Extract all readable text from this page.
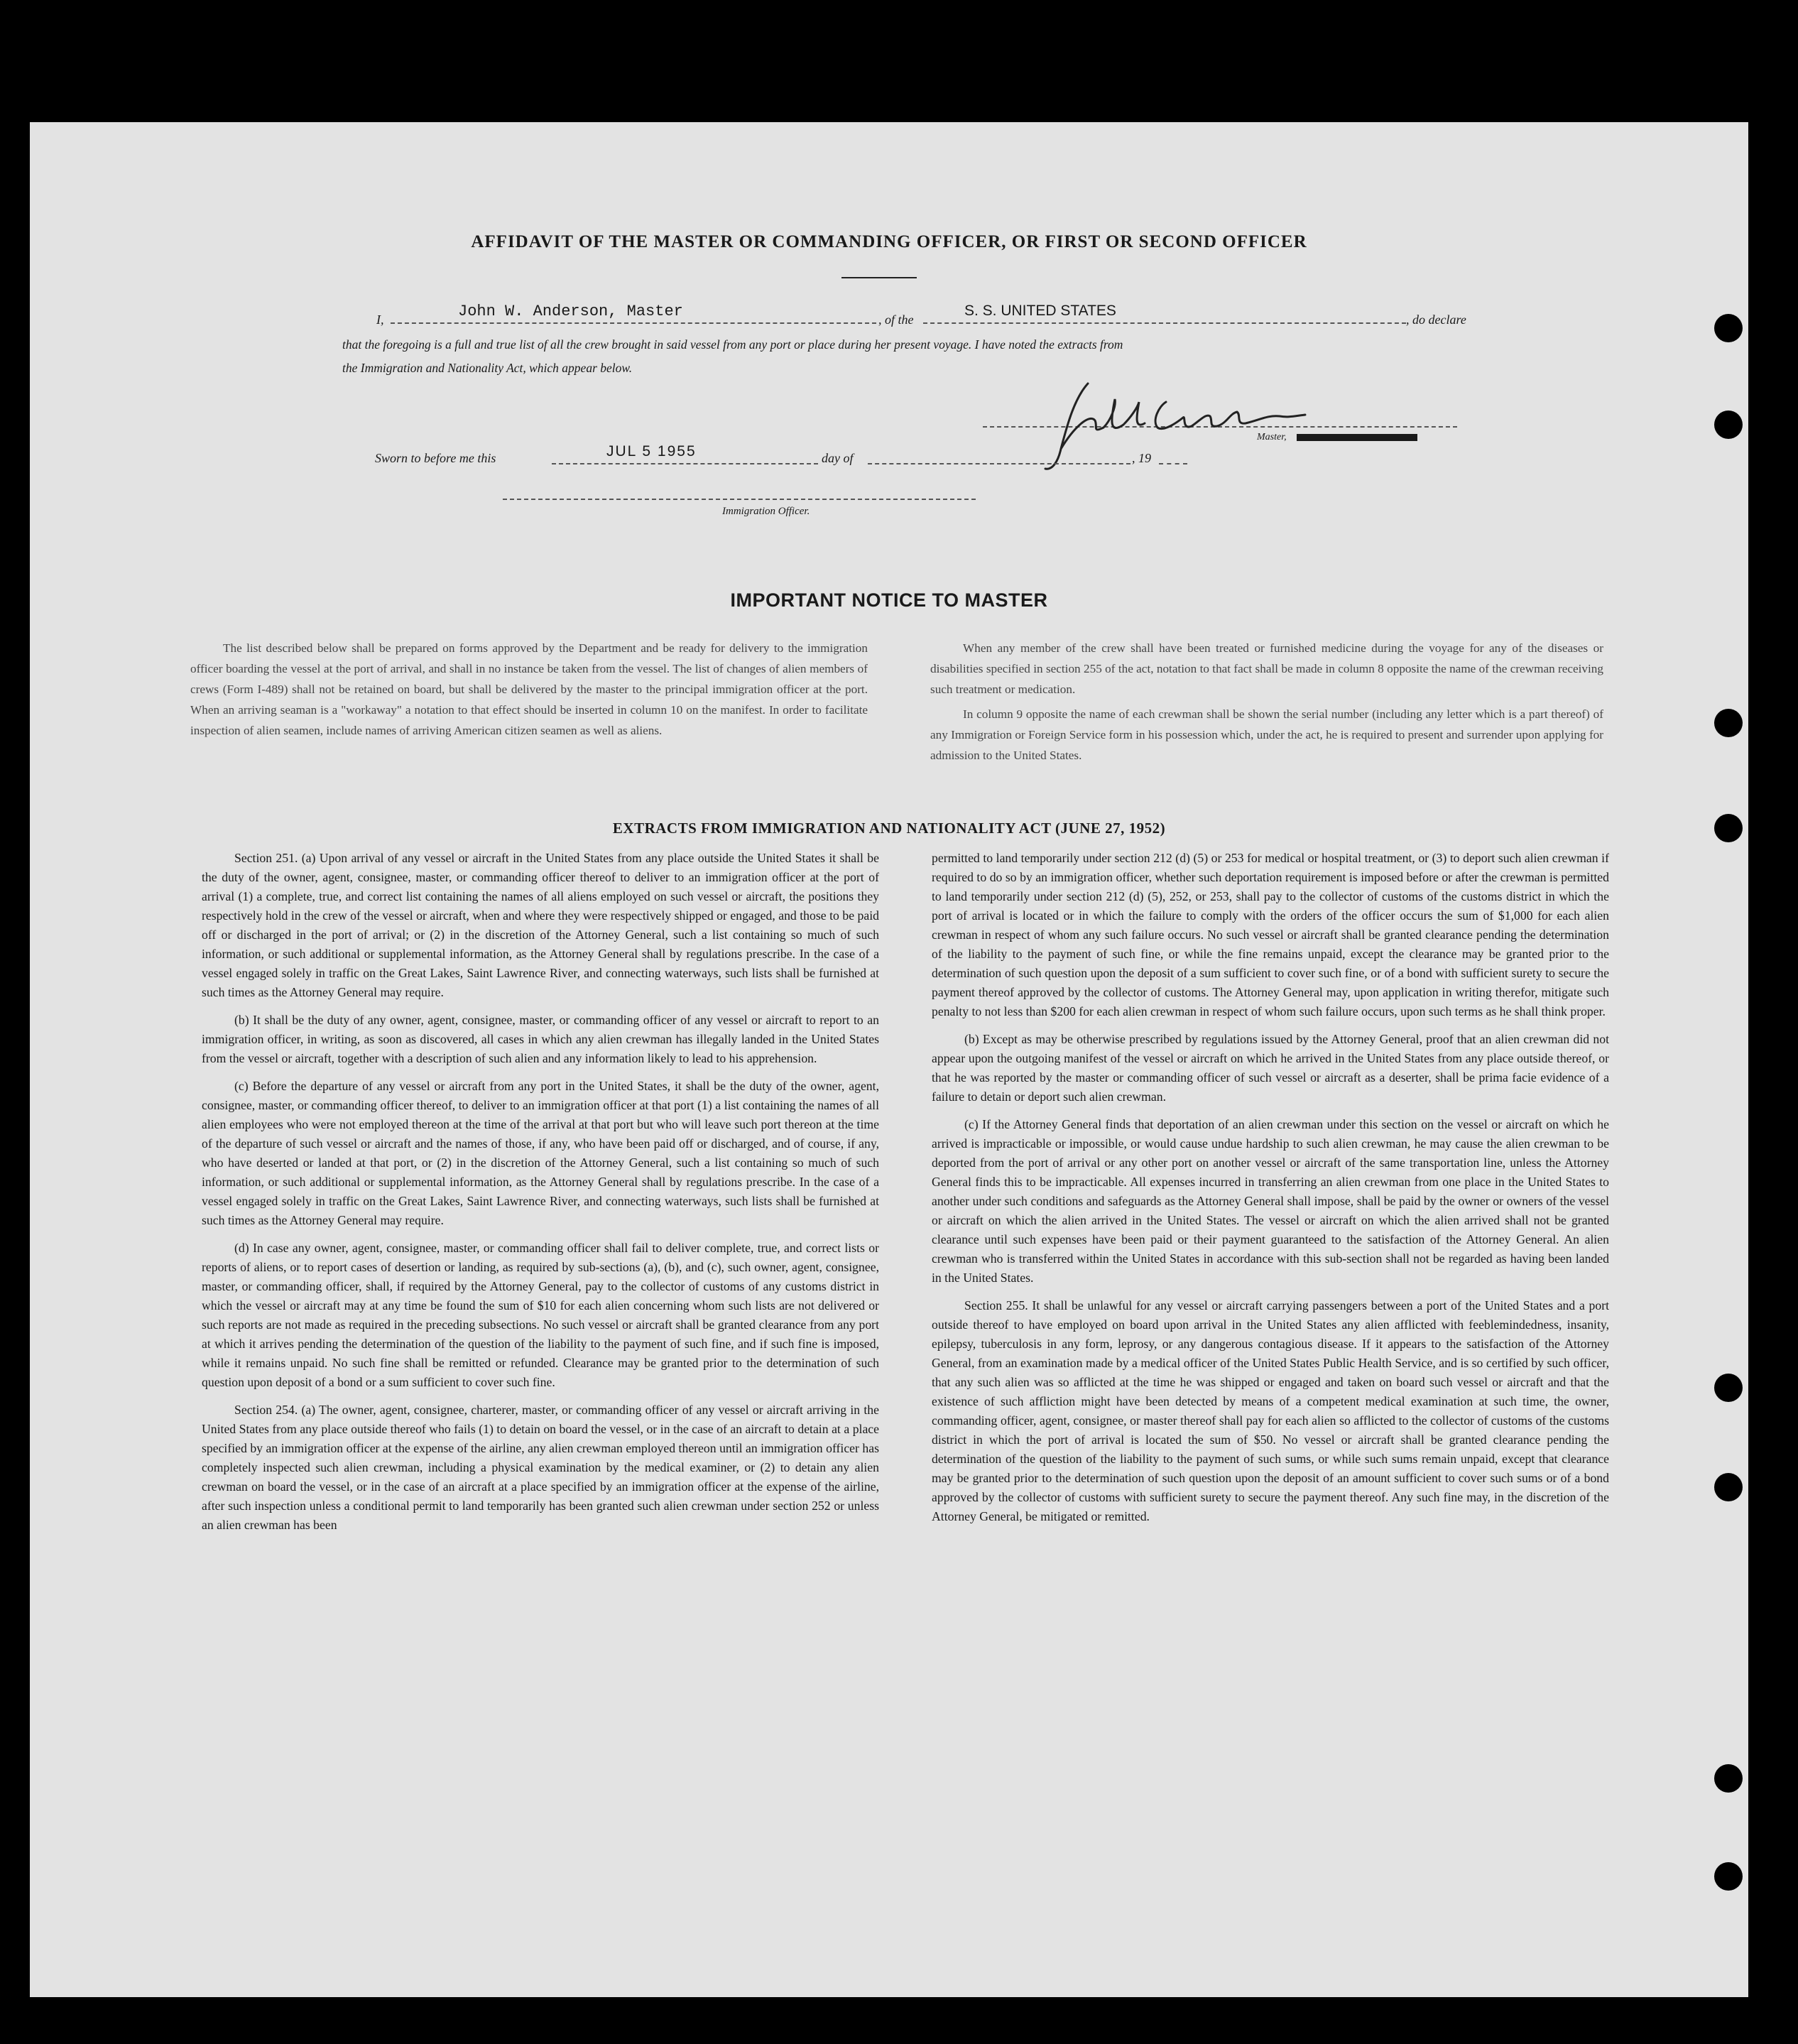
AFFIDAVIT OF THE MASTER OR COMMANDING OFFICER, OR FIRST OR SECOND OFFICER
I,	John W. Anderson, Master	, of the
S. S. UNITED STATES
, do declare
that the foregoing is a full and true list of all the crew brought in said vessel from any port or place during her present voyage. I have noted the extracts from
the Immigration and Nationality Act, which appear below.
Master,
Sworn to before me this	JUL 5 1955	day of	, 19
Immigration Officer.
IMPORTANT NOTICE TO MASTER

The list described below shall be prepared on forms approved by the Department and be ready for delivery to the immigration officer boarding the vessel at the port of arrival, and shall in no instance be taken from the vessel. The list of changes of alien members of crews (Form I-489) shall not be retained on board, but shall be delivered by the master to the principal immigration officer at the port. When an arriving seaman is a "workaway" a notation to that effect should be inserted in column 10 on the manifest. In order to facilitate inspection of alien seamen, include names of arriving American citizen seamen as well as aliens.

When any member of the crew shall have been treated or furnished medicine during the voyage for any of the diseases or disabilities specified in section 255 of the act, notation to that fact shall be made in column 8 opposite the name of the crewman receiving such treatment or medication.

In column 9 opposite the name of each crewman shall be shown the serial number (including any letter which is a part thereof) of any Immigration or Foreign Service form in his possession which, under the act, he is required to present and surrender upon applying for admission to the United States.

EXTRACTS FROM IMMIGRATION AND NATIONALITY ACT (JUNE 27, 1952)

Section 251. (a) Upon arrival of any vessel or aircraft in the United States from any place outside the United States it shall be the duty of the owner, agent, consignee, master, or commanding officer thereof to deliver to an immigration officer at the port of arrival (1) a complete, true, and correct list containing the names of all aliens employed on such vessel or aircraft, the positions they respectively hold in the crew of the vessel or aircraft, when and where they were respectively shipped or engaged, and those to be paid off or discharged in the port of arrival; or (2) in the discretion of the Attorney General, such a list containing so much of such information, or such additional or supplemental information, as the Attorney General shall by regulations prescribe. In the case of a vessel engaged solely in traffic on the Great Lakes, Saint Lawrence River, and connecting waterways, such lists shall be furnished at such times as the Attorney General may require.

(b) It shall be the duty of any owner, agent, consignee, master, or commanding officer of any vessel or aircraft to report to an immigration officer, in writing, as soon as discovered, all cases in which any alien crewman has illegally landed in the United States from the vessel or aircraft, together with a description of such alien and any information likely to lead to his apprehension.

(c) Before the departure of any vessel or aircraft from any port in the United States, it shall be the duty of the owner, agent, consignee, master, or commanding officer thereof, to deliver to an immigration officer at that port (1) a list containing the names of all alien employees who were not employed thereon at the time of the arrival at that port but who will leave such port thereon at the time of the departure of such vessel or aircraft and the names of those, if any, who have been paid off or discharged, and of course, if any, who have deserted or landed at that port, or (2) in the discretion of the Attorney General, such a list containing so much of such information, or such additional or supplemental information, as the Attorney General shall by regulations prescribe. In the case of a vessel engaged solely in traffic on the Great Lakes, Saint Lawrence River, and connecting waterways, such lists shall be furnished at such times as the Attorney General may require.

(d) In case any owner, agent, consignee, master, or commanding officer shall fail to deliver complete, true, and correct lists or reports of aliens, or to report cases of desertion or landing, as required by sub-sections (a), (b), and (c), such owner, agent, consignee, master, or commanding officer, shall, if required by the Attorney General, pay to the collector of customs of any customs district in which the vessel or aircraft may at any time be found the sum of $10 for each alien concerning whom such lists are not delivered or such reports are not made as required in the preceding subsections. No such vessel or aircraft shall be granted clearance from any port at which it arrives pending the determination of the question of the liability to the payment of such fine, and if such fine is imposed, while it remains unpaid. No such fine shall be remitted or refunded. Clearance may be granted prior to the determination of such question upon deposit of a bond or a sum sufficient to cover such fine.

Section 254. (a) The owner, agent, consignee, charterer, master, or commanding officer of any vessel or aircraft arriving in the United States from any place outside thereof who fails (1) to detain on board the vessel, or in the case of an aircraft to detain at a place specified by an immigration officer at the expense of the airline, any alien crewman employed thereon until an immigration officer has completely inspected such alien crewman, including a physical examination by the medical examiner, or (2) to detain any alien crewman on board the vessel, or in the case of an aircraft at a place specified by an immigration officer at the expense of the airline, after such inspection unless a conditional permit to land temporarily has been granted such alien crewman under section 252 or unless an alien crewman has been

permitted to land temporarily under section 212 (d) (5) or 253 for medical or hospital treatment, or (3) to deport such alien crewman if required to do so by an immigration officer, whether such deportation requirement is imposed before or after the crewman is permitted to land temporarily under section 212 (d) (5), 252, or 253, shall pay to the collector of customs of the customs district in which the port of arrival is located or in which the failure to comply with the orders of the officer occurs the sum of $1,000 for each alien crewman in respect of whom any such failure occurs. No such vessel or aircraft shall be granted clearance pending the determination of the liability to the payment of such fine, or while the fine remains unpaid, except the clearance may be granted prior to the determination of such question upon the deposit of a sum sufficient to cover such fine, or of a bond with sufficient surety to secure the payment thereof approved by the collector of customs. The Attorney General may, upon application in writing therefor, mitigate such penalty to not less than $200 for each alien crewman in respect of whom such failure occurs, upon such terms as he shall think proper.

(b) Except as may be otherwise prescribed by regulations issued by the Attorney General, proof that an alien crewman did not appear upon the outgoing manifest of the vessel or aircraft on which he arrived in the United States from any place outside thereof, or that he was reported by the master or commanding officer of such vessel or aircraft as a deserter, shall be prima facie evidence of a failure to detain or deport such alien crewman.

(c) If the Attorney General finds that deportation of an alien crewman under this section on the vessel or aircraft on which he arrived is impracticable or impossible, or would cause undue hardship to such alien crewman, he may cause the alien crewman to be deported from the port of arrival or any other port on another vessel or aircraft of the same transportation line, unless the Attorney General finds this to be impracticable. All expenses incurred in transferring an alien crewman from one place in the United States to another under such conditions and safeguards as the Attorney General shall impose, shall be paid by the owner or owners of the vessel or aircraft on which the alien arrived in the United States. The vessel or aircraft on which the alien arrived shall not be granted clearance until such expenses have been paid or their payment guaranteed to the satisfaction of the Attorney General. An alien crewman who is transferred within the United States in accordance with this sub-section shall not be regarded as having been landed in the United States.

Section 255. It shall be unlawful for any vessel or aircraft carrying passengers between a port of the United States and a port outside thereof to have employed on board upon arrival in the United States any alien afflicted with feeblemindedness, insanity, epilepsy, tuberculosis in any form, leprosy, or any dangerous contagious disease. If it appears to the satisfaction of the Attorney General, from an examination made by a medical officer of the United States Public Health Service, and is so certified by such officer, that any such alien was so afflicted at the time he was shipped or engaged and taken on board such vessel or aircraft and that the existence of such affliction might have been detected by means of a competent medical examination at such time, the owner, commanding officer, agent, consignee, or master thereof shall pay for each alien so afflicted to the collector of customs of the customs district in which the port of arrival is located the sum of $50. No vessel or aircraft shall be granted clearance pending the determination of the question of the liability to the payment of such sums, or while such sums remain unpaid, except that clearance may be granted prior to the determination of such question upon the deposit of an amount sufficient to cover such sums or of a bond approved by the collector of customs with sufficient surety to secure the payment thereof. Any such fine may, in the discretion of the Attorney General, be mitigated or remitted.
